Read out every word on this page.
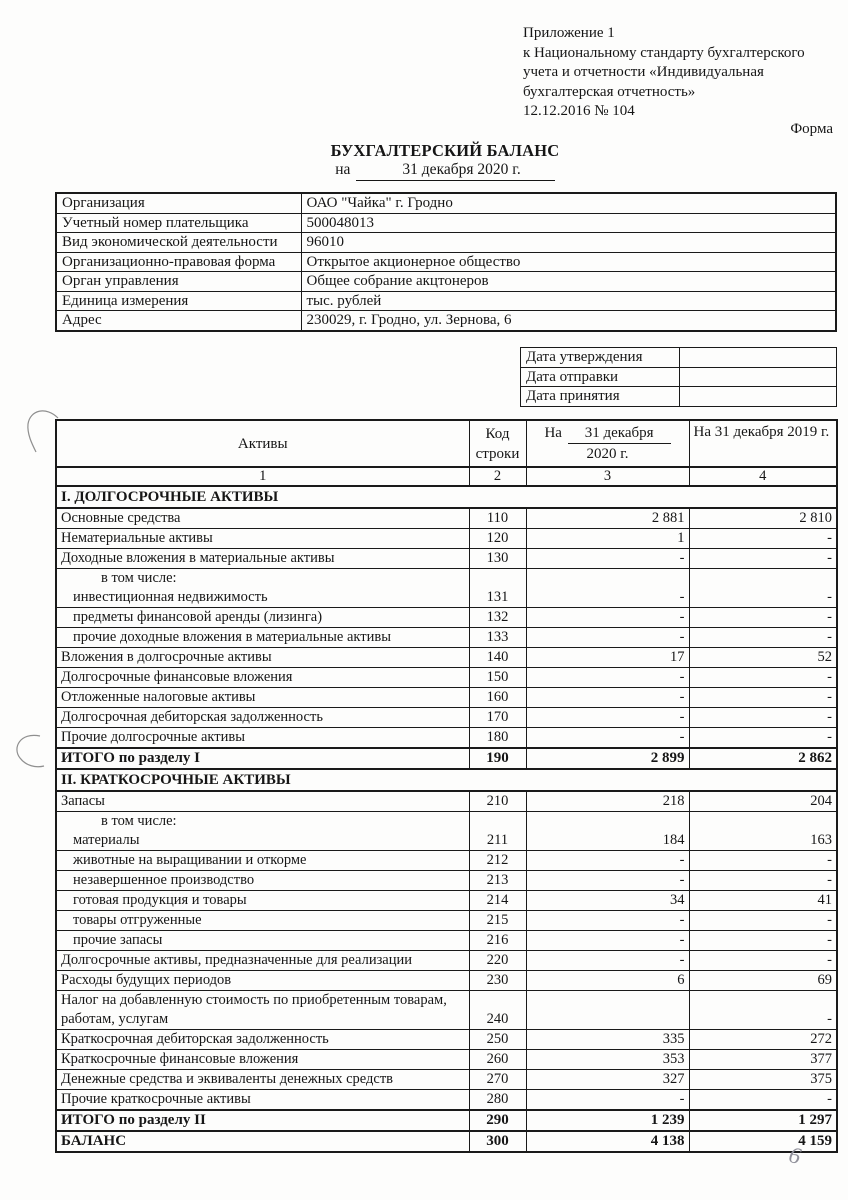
Приложение 1
к Национальному стандарту бухгалтерского
учета и отчетности «Индивидуальная
бухгалтерская отчетность»
12.12.2016 № 104
Форма
БУХГАЛТЕРСКИЙ БАЛАНС
на	31 декабря 2020 г.
Организация	ОАО "Чайка" г. Гродно
Учетный номер плательщика	500048013
Вид экономической деятельности	96010
Организационно-правовая форма	Открытое акционерное общество
Орган управления	Общее собрание акцтонеров
Единица измерения	тыс. рублей
Адрес	230029, г. Гродно, ул. Зернова, 6
Дата утверждения	
Дата отправки	
Дата принятия	
Активы	
Код
строки

На 31 декабря
2020 г.
	На 31 декабря 2019 г.
1	2	3	4
I. ДОЛГОСРОЧНЫЕ АКТИВЫ			

Основные средства	110	2 881	2 810

Нематериальные активы	120	1	-

Доходные вложения в материальные активы	130	-	-

в том числе:
инвестиционная недвижимость	131	-	-

предметы финансовой аренды (лизинга)	132	-	-

прочие доходные вложения в материальные активы	133	-	-

Вложения в долгосрочные активы	140	17	52

Долгосрочные финансовые вложения	150	-	-

Отложенные налоговые активы	160	-	-

Долгосрочная дебиторская задолженность	170	-	-

Прочие долгосрочные активы	180	-	-

ИТОГО по разделу I	190	2 899	2 862
II. КРАТКОСРОЧНЫЕ АКТИВЫ			

Запасы	210	218	204

в том числе:
материалы	211	184	163

животные на выращивании и откорме	212	-	-

незавершенное производство	213	-	-

готовая продукция и товары	214	34	41

товары отгруженные	215	-	-

прочие запасы	216	-	-

Долгосрочные активы, предназначенные для реализации	220	-	-

Расходы будущих периодов	230	6	69

Налог на добавленную стоимость по приобретенным товарам, работам, услугам	240		-

Краткосрочная дебиторская задолженность	250	335	272

Краткосрочные финансовые вложения	260	353	377

Денежные средства и эквиваленты денежных средств	270	327	375

Прочие краткосрочные активы	280	-	-

ИТОГО по разделу II	290	1 239	1 297

БАЛАНС	300	4 138	4 159
6
